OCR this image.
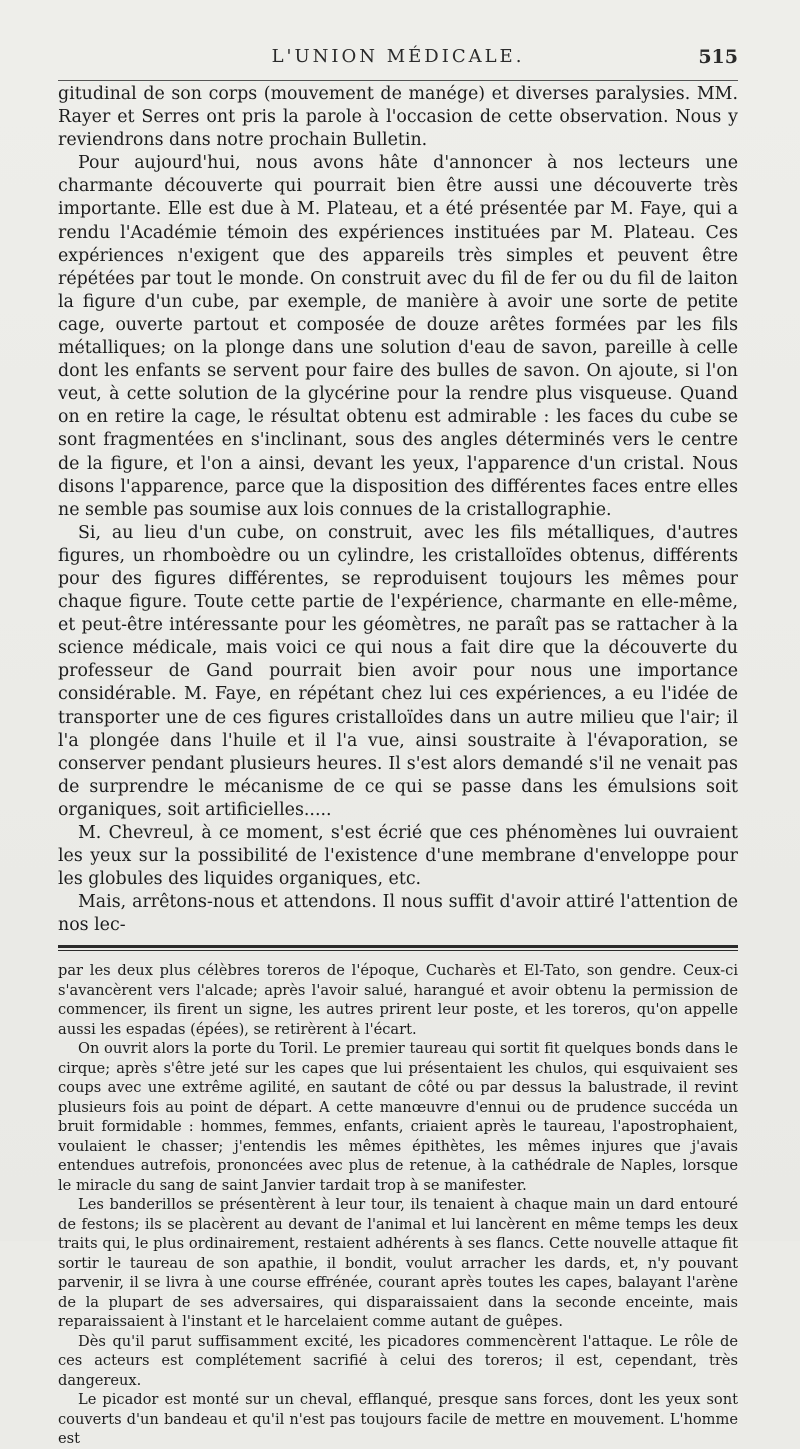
L'UNION MÉDICALE.	515

gitudinal de son corps (mouvement de manége) et diverses paralysies. MM. Rayer et Serres ont pris la parole à l'occasion de cette observation. Nous y reviendrons dans notre prochain Bulletin.

Pour aujourd'hui, nous avons hâte d'annoncer à nos lecteurs une charmante découverte qui pourrait bien être aussi une découverte très importante. Elle est due à M. Plateau, et a été présentée par M. Faye, qui a rendu l'Académie témoin des expériences instituées par M. Plateau. Ces expériences n'exigent que des appareils très simples et peuvent être répétées par tout le monde. On construit avec du fil de fer ou du fil de laiton la figure d'un cube, par exemple, de manière à avoir une sorte de petite cage, ouverte partout et composée de douze arêtes formées par les fils métalliques; on la plonge dans une solution d'eau de savon, pareille à celle dont les enfants se servent pour faire des bulles de savon. On ajoute, si l'on veut, à cette solution de la glycérine pour la rendre plus visqueuse. Quand on en retire la cage, le résultat obtenu est admirable : les faces du cube se sont fragmentées en s'inclinant, sous des angles déterminés vers le centre de la figure, et l'on a ainsi, devant les yeux, l'apparence d'un cristal. Nous disons l'apparence, parce que la disposition des différentes faces entre elles ne semble pas soumise aux lois connues de la cristallographie.

Si, au lieu d'un cube, on construit, avec les fils métalliques, d'autres figures, un rhomboèdre ou un cylindre, les cristalloïdes obtenus, différents pour des figures différentes, se reproduisent toujours les mêmes pour chaque figure. Toute cette partie de l'expérience, charmante en elle-même, et peut-être intéressante pour les géomètres, ne paraît pas se rattacher à la science médicale, mais voici ce qui nous a fait dire que la découverte du professeur de Gand pourrait bien avoir pour nous une importance considérable. M. Faye, en répétant chez lui ces expériences, a eu l'idée de transporter une de ces figures cristalloïdes dans un autre milieu que l'air; il l'a plongée dans l'huile et il l'a vue, ainsi soustraite à l'évaporation, se conserver pendant plusieurs heures. Il s'est alors demandé s'il ne venait pas de surprendre le mécanisme de ce qui se passe dans les émulsions soit organiques, soit artificielles.....

M. Chevreul, à ce moment, s'est écrié que ces phénomènes lui ouvraient les yeux sur la possibilité de l'existence d'une membrane d'enveloppe pour les globules des liquides organiques, etc.

Mais, arrêtons-nous et attendons. Il nous suffit d'avoir attiré l'attention de nos lec-

par les deux plus célèbres toreros de l'époque, Cucharès et El-Tato, son gendre. Ceux-ci s'avancèrent vers l'alcade; après l'avoir salué, harangué et avoir obtenu la permission de commencer, ils firent un signe, les autres prirent leur poste, et les toreros, qu'on appelle aussi les espadas (épées), se retirèrent à l'écart.

On ouvrit alors la porte du Toril. Le premier taureau qui sortit fit quelques bonds dans le cirque; après s'être jeté sur les capes que lui présentaient les chulos, qui esquivaient ses coups avec une extrême agilité, en sautant de côté ou par dessus la balustrade, il revint plusieurs fois au point de départ. A cette manœuvre d'ennui ou de prudence succéda un bruit formidable : hommes, femmes, enfants, criaient après le taureau, l'apostrophaient, voulaient le chasser; j'entendis les mêmes épithètes, les mêmes injures que j'avais entendues autrefois, prononcées avec plus de retenue, à la cathédrale de Naples, lorsque le miracle du sang de saint Janvier tardait trop à se manifester.

Les banderillos se présentèrent à leur tour, ils tenaient à chaque main un dard entouré de festons; ils se placèrent au devant de l'animal et lui lancèrent en même temps les deux traits qui, le plus ordinairement, restaient adhérents à ses flancs. Cette nouvelle attaque fit sortir le taureau de son apathie, il bondit, voulut arracher les dards, et, n'y pouvant parvenir, il se livra à une course effrénée, courant après toutes les capes, balayant l'arène de la plupart de ses adversaires, qui disparaissaient dans la seconde enceinte, mais reparaissaient à l'instant et le harcelaient comme autant de guêpes.

Dès qu'il parut suffisamment excité, les picadores commencèrent l'attaque. Le rôle de ces acteurs est complétement sacrifié à celui des toreros; il est, cependant, très dangereux.

Le picador est monté sur un cheval, efflanqué, presque sans forces, dont les yeux sont couverts d'un bandeau et qu'il n'est pas toujours facile de mettre en mouvement. L'homme est
